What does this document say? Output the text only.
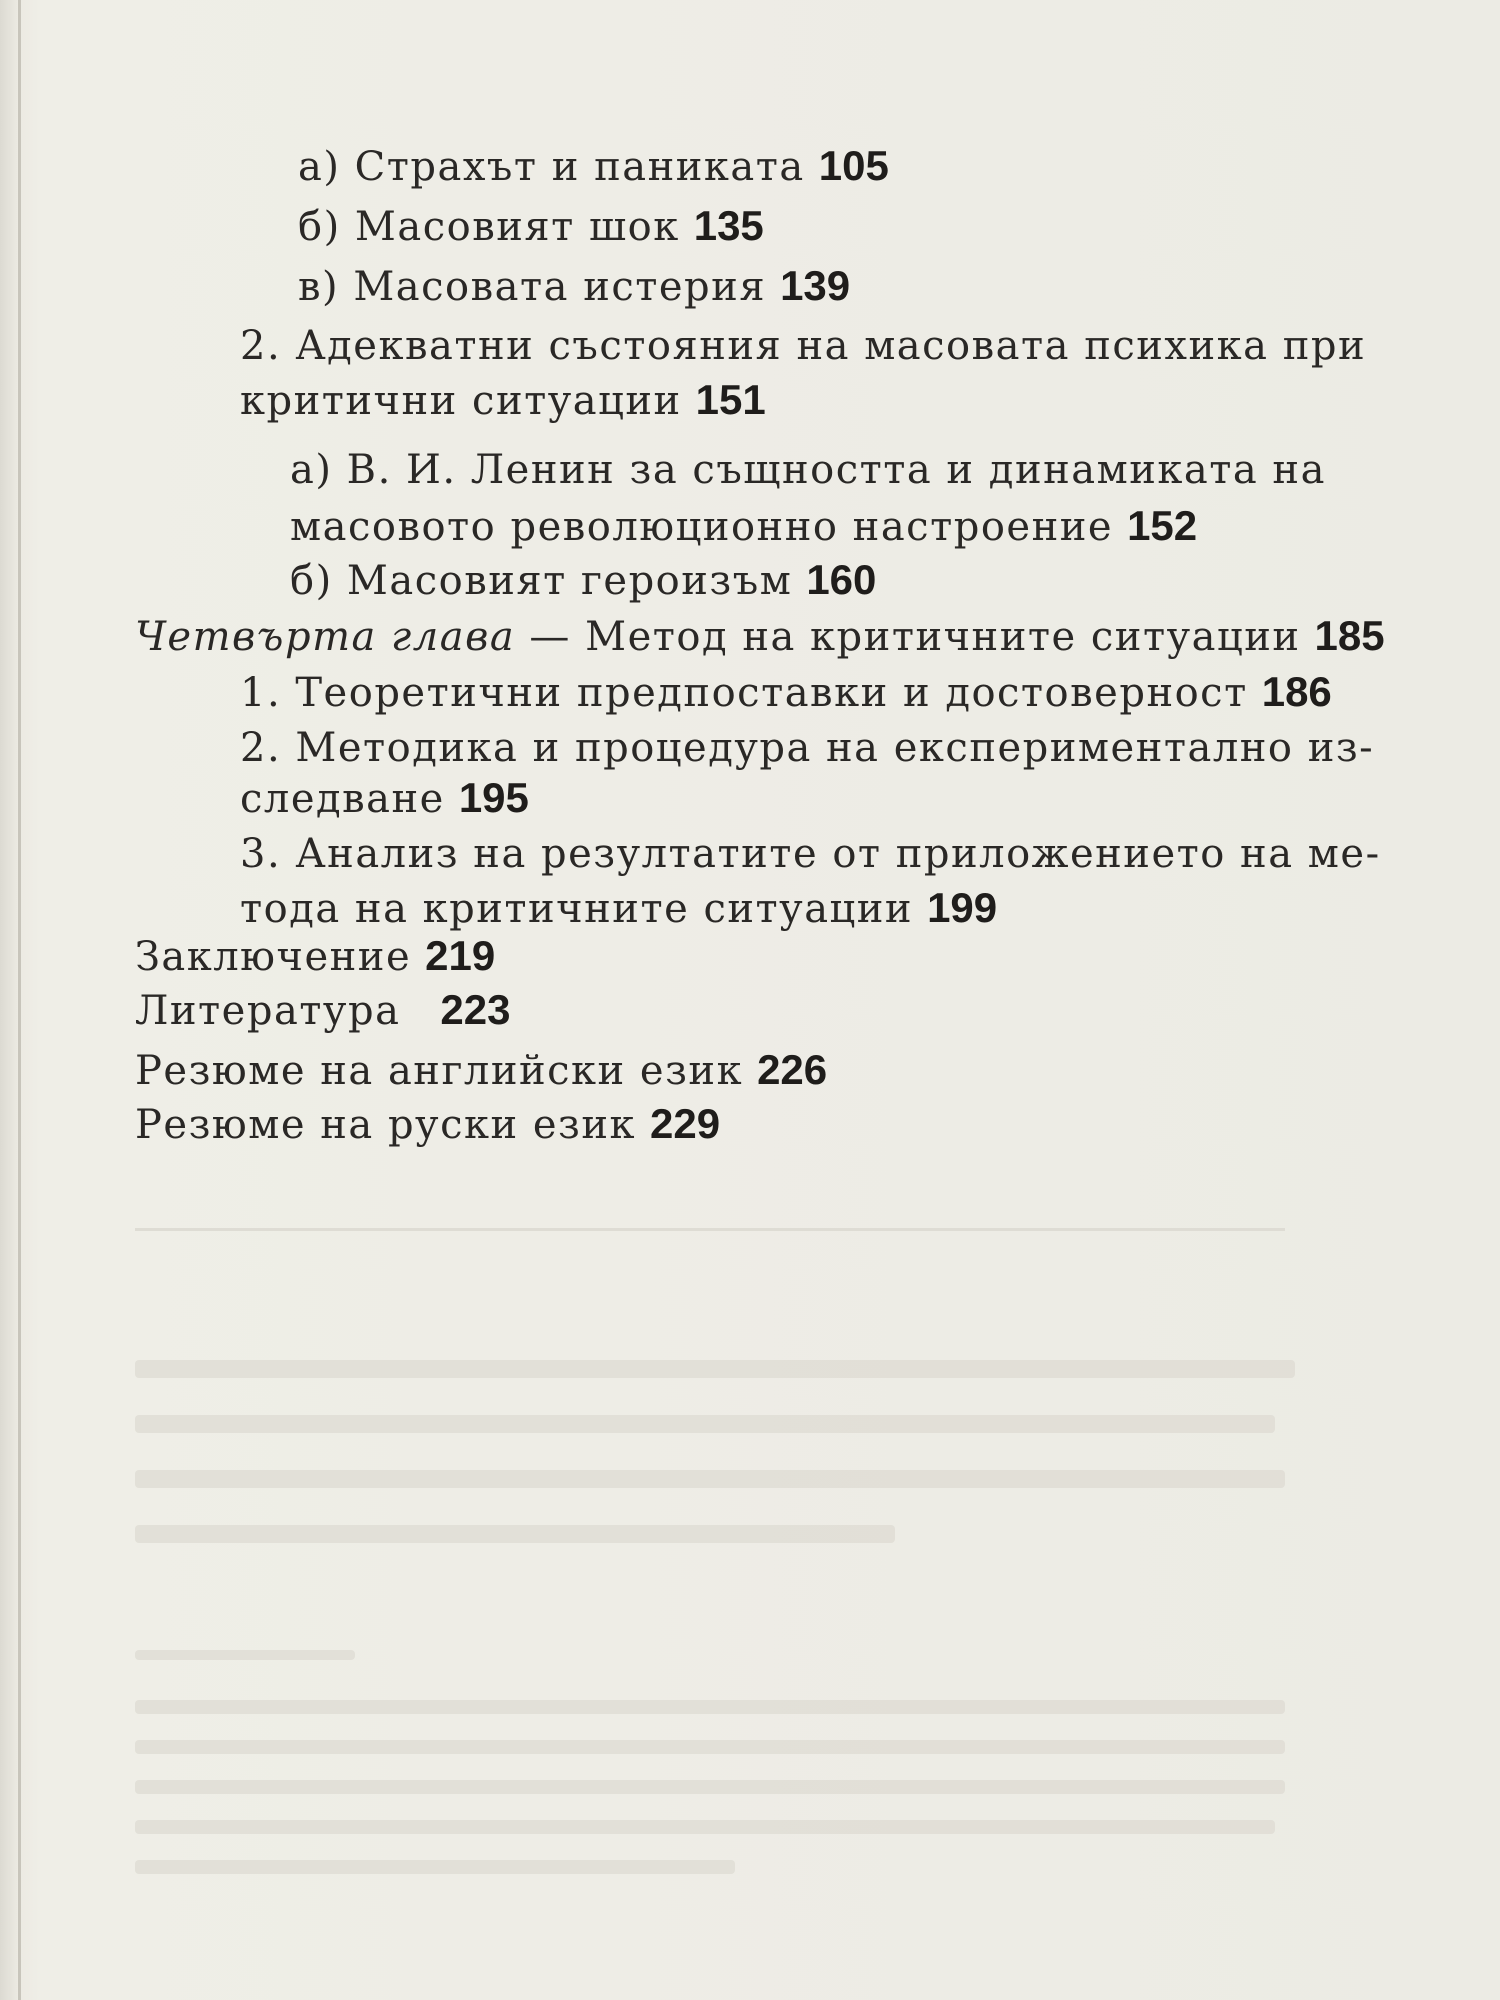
а) Страхът и паниката 105
б) Масовият шок 135
в) Масовата истерия 139
2. Адекватни състояния на масовата психика при
критични ситуации 151
а) В. И. Ленин за същността и динамиката на
масовото революционно настроение 152
б) Масовият героизъм 160
Четвърта глава — Метод на критичните ситуации 185
1. Теоретични предпоставки и достоверност 186
2. Методика и процедура на експериментално из-
следване 195
3. Анализ на резултатите от приложението на ме-
тода на критичните ситуации 199
Заключение 219
Литература 223
Резюме на английски език 226
Резюме на руски език 229
